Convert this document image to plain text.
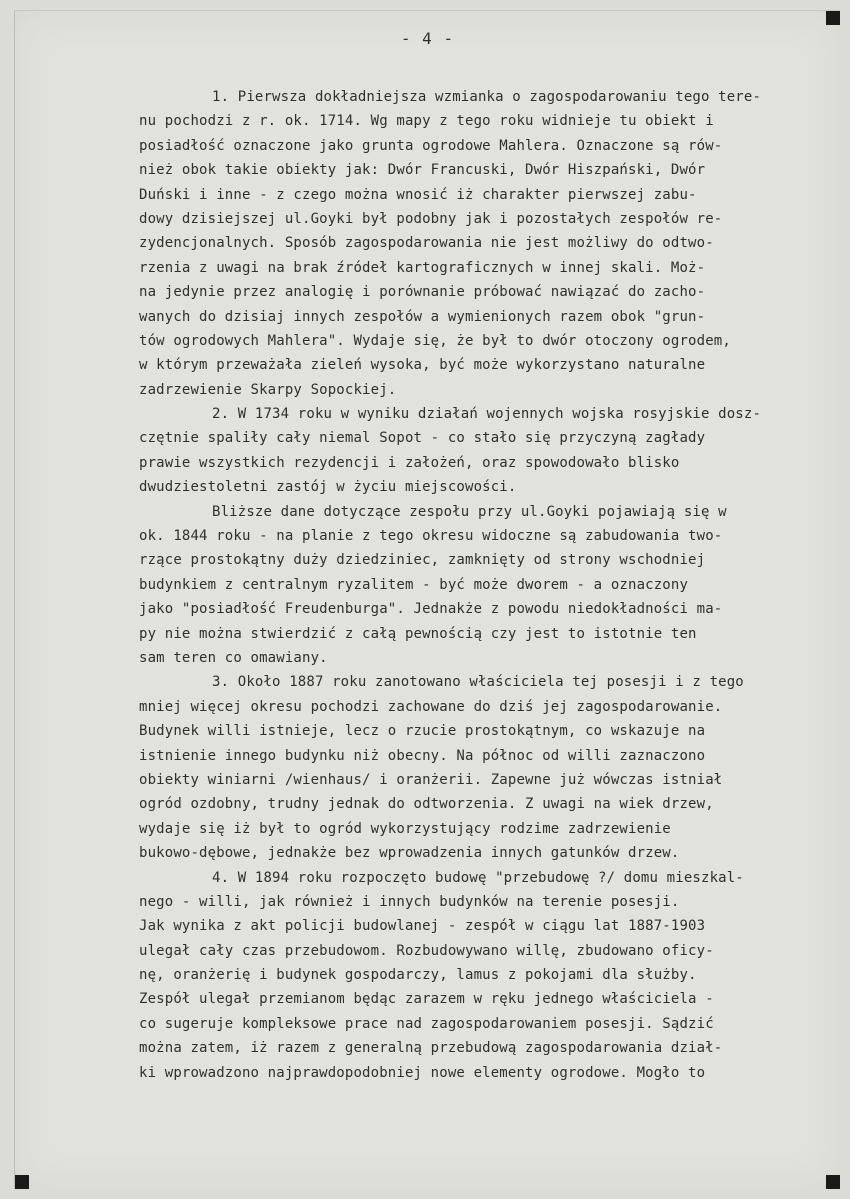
- 4 -
1. Pierwsza dokładniejsza wzmianka o zagospodarowaniu tego tere-
nu pochodzi z r. ok. 1714. Wg mapy z tego roku widnieje tu obiekt i
posiadłość oznaczone jako grunta ogrodowe Mahlera. Oznaczone są rów-
nież obok takie obiekty jak: Dwór Francuski, Dwór Hiszpański, Dwór
Duński i inne - z czego można wnosić iż charakter pierwszej zabu-
dowy dzisiejszej ul.Goyki był podobny jak i pozostałych zespołów re-
zydencjonalnych. Sposób zagospodarowania nie jest możliwy do odtwo-
rzenia z uwagi na brak źródeł kartograficznych w innej skali. Moż-
na jedynie przez analogię i porównanie próbować nawiązać do zacho-
wanych do dzisiaj innych zespołów a wymienionych razem obok "grun-
tów ogrodowych Mahlera". Wydaje się, że był to dwór otoczony ogrodem,
w którym przeważała zieleń wysoka, być może wykorzystano naturalne
zadrzewienie Skarpy Sopockiej.
2. W 1734 roku w wyniku działań wojennych wojska rosyjskie dosz-
czętnie spaliły cały niemal Sopot - co stało się przyczyną zagłady
prawie wszystkich rezydencji i założeń, oraz spowodowało blisko
dwudziestoletni zastój w życiu miejscowości.
Bliższe dane dotyczące zespołu przy ul.Goyki pojawiają się w
ok. 1844 roku - na planie z tego okresu widoczne są zabudowania two-
rzące prostokątny duży dziedziniec, zamknięty od strony wschodniej
budynkiem z centralnym ryzalitem - być może dworem - a oznaczony
jako "posiadłość Freudenburga". Jednakże z powodu niedokładności ma-
py nie można stwierdzić z całą pewnością czy jest to istotnie ten
sam teren co omawiany.
3. Około 1887 roku zanotowano właściciela tej posesji i z tego
mniej więcej okresu pochodzi zachowane do dziś jej zagospodarowanie.
Budynek willi istnieje, lecz o rzucie prostokątnym, co wskazuje na
istnienie innego budynku niż obecny. Na północ od willi zaznaczono
obiekty winiarni /wienhaus/ i oranżerii. Zapewne już wówczas istniał
ogród ozdobny, trudny jednak do odtworzenia. Z uwagi na wiek drzew,
wydaje się iż był to ogród wykorzystujący rodzime zadrzewienie
bukowo-dębowe, jednakże bez wprowadzenia innych gatunków drzew.
4. W 1894 roku rozpoczęto budowę "przebudowę ?/ domu mieszkal-
nego - willi, jak również i innych budynków na terenie posesji.
Jak wynika z akt policji budowlanej - zespół w ciągu lat 1887-1903
ulegał cały czas przebudowom. Rozbudowywano willę, zbudowano oficy-
nę, oranżerię i budynek gospodarczy, lamus z pokojami dla służby.
Zespół ulegał przemianom będąc zarazem w ręku jednego właściciela -
co sugeruje kompleksowe prace nad zagospodarowaniem posesji. Sądzić
można zatem, iż razem z generalną przebudową zagospodarowania dział-
ki wprowadzono najprawdopodobniej nowe elementy ogrodowe. Mogło to
